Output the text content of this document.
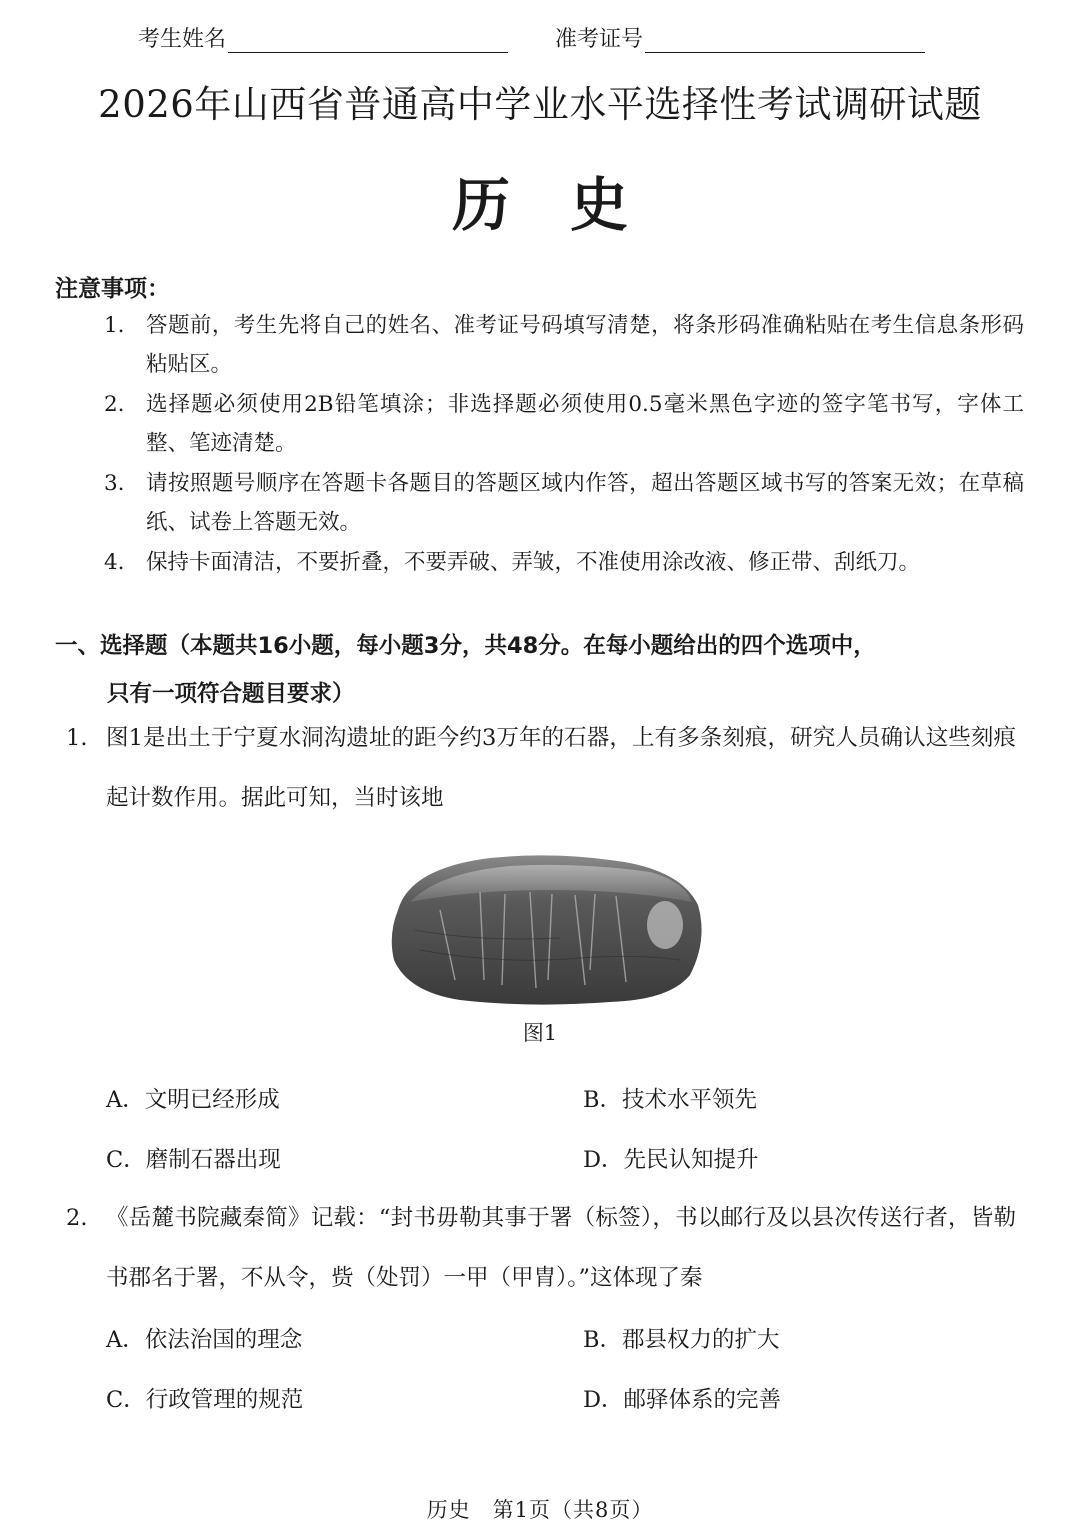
考生姓名	准考证号
2026年山西省普通高中学业水平选择性考试调研试题
历史
注意事项：
1. 答题前，考生先将自己的姓名、准考证号码填写清楚，将条形码准确粘贴在考生信息条形码粘贴区。
2. 选择题必须使用2B铅笔填涂；非选择题必须使用0.5毫米黑色字迹的签字笔书写，字体工整、笔迹清楚。
3. 请按照题号顺序在答题卡各题目的答题区域内作答，超出答题区域书写的答案无效；在草稿纸、试卷上答题无效。
4. 保持卡面清洁，不要折叠，不要弄破、弄皱，不准使用涂改液、修正带、刮纸刀。
一、选择题（本题共16小题，每小题3分，共48分。在每小题给出的四个选项中，
只有一项符合题目要求）
1. 图1是出土于宁夏水洞沟遗址的距今约3万年的石器，上有多条刻痕，研究人员确认这些刻痕起计数作用。据此可知，当时该地
图1
A．文明已经形成	B．技术水平领先
C．磨制石器出现	D．先民认知提升
2. 《岳麓书院藏秦简》记载：“封书毋勒其事于署（标签），书以邮行及以县次传送行者，皆勒书郡名于署，不从令，赀（处罚）一甲（甲胄）。”这体现了秦
A．依法治国的理念	B．郡县权力的扩大
C．行政管理的规范	D．邮驿体系的完善
历史　第1页（共8页）
